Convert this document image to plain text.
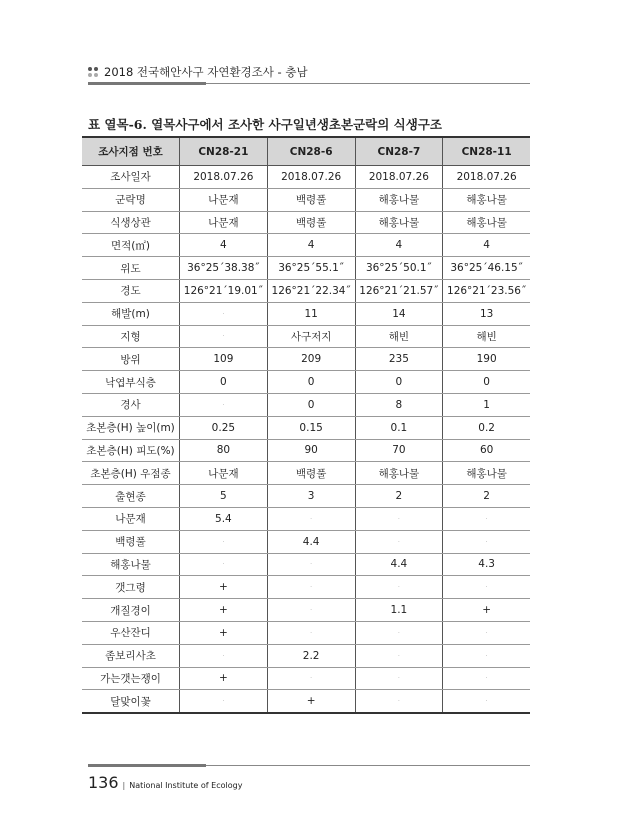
2018 전국해안사구 자연환경조사 - 충남
표 열목-6. 열목사구에서 조사한 사구일년생초본군락의 식생구조
조사지점 번호	CN28-21	CN28-6	CN28-7	CN28-11
조사일자	2018.07.26	2018.07.26	2018.07.26	2018.07.26
군락명	나문재	백령풀	해홍나물	해홍나물
식생상관	나문재	백령풀	해홍나물	해홍나물
면적(㎡)	4	4	4	4
위도	36°25´38.38˝	36°25´55.1˝	36°25´50.1˝	36°25´46.15˝
경도	126°21´19.01˝	126°21´22.34˝	126°21´21.57˝	126°21´23.56˝
해발(m)	·	11	14	13
지형	·	사구저지	해빈	해빈
방위	109	209	235	190
낙엽부식층	0	0	0	0
경사	·	0	8	1
초본층(H) 높이(m)	0.25	0.15	0.1	0.2
초본층(H) 피도(%)	80	90	70	60
초본층(H) 우점종	나문재	백령풀	해홍나물	해홍나물
출현종	5	3	2	2
나문재	5.4	·	·	·
백령풀	·	4.4	·	·
해홍나물	·	·	4.4	4.3
갯그령	+	·	·	·
개질경이	+	·	1.1	+
우산잔디	+	·	·	·
좀보리사초	·	2.2	·	·
가는갯는쟁이	+	·	·	·
달맞이꽃	·	+	·	·
136 | National Institute of Ecology
